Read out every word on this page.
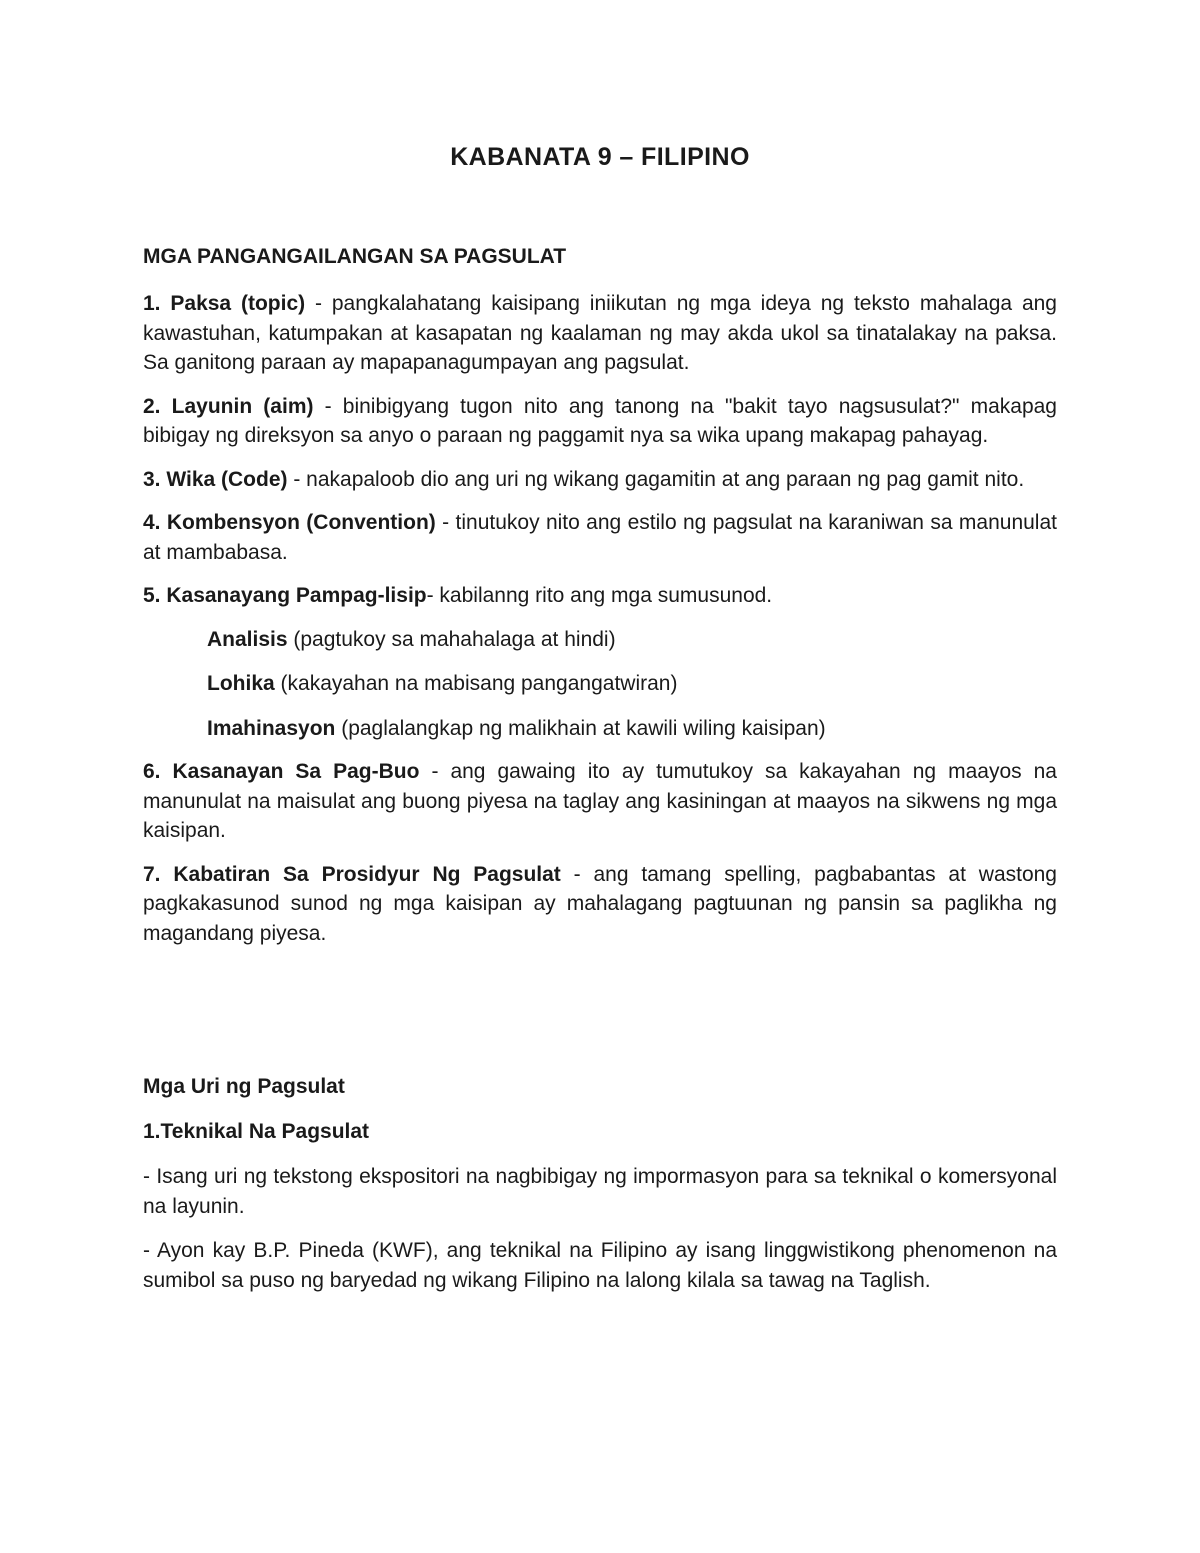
KABANATA 9 – FILIPINO

MGA PANGANGAILANGAN SA PAGSULAT

1. Paksa (topic) - pangkalahatang kaisipang iniikutan ng mga ideya ng teksto mahalaga ang kawastuhan, katumpakan at kasapatan ng kaalaman ng may akda ukol sa tinatalakay na paksa. Sa ganitong paraan ay mapapanagumpayan ang pagsulat.

2. Layunin (aim) - binibigyang tugon nito ang tanong na "bakit tayo nagsusulat?" makapag bibigay ng direksyon sa anyo o paraan ng paggamit nya sa wika upang makapag pahayag.

3. Wika (Code) - nakapaloob dio ang uri ng wikang gagamitin at ang paraan ng pag gamit nito.

4. Kombensyon (Convention) - tinutukoy nito ang estilo ng pagsulat na karaniwan sa manunulat at mambabasa.

5. Kasanayang Pampag-lisip- kabilanng rito ang mga sumusunod.

Analisis (pagtukoy sa mahahalaga at hindi)

Lohika (kakayahan na mabisang pangangatwiran)

Imahinasyon (paglalangkap ng malikhain at kawili wiling kaisipan)

6. Kasanayan Sa Pag-Buo - ang gawaing ito ay tumutukoy sa kakayahan ng maayos na manunulat na maisulat ang buong piyesa na taglay ang kasiningan at maayos na sikwens ng mga kaisipan.

7. Kabatiran Sa Prosidyur Ng Pagsulat - ang tamang spelling, pagbabantas at wastong pagkakasunod sunod ng mga kaisipan ay mahalagang pagtuunan ng pansin sa paglikha ng magandang piyesa.

Mga Uri ng Pagsulat

1.Teknikal Na Pagsulat

- Isang uri ng tekstong ekspositori na nagbibigay ng impormasyon para sa teknikal o komersyonal na layunin.

- Ayon kay B.P. Pineda (KWF), ang teknikal na Filipino ay isang linggwistikong phenomenon na sumibol sa puso ng baryedad ng wikang Filipino na lalong kilala sa tawag na Taglish.
